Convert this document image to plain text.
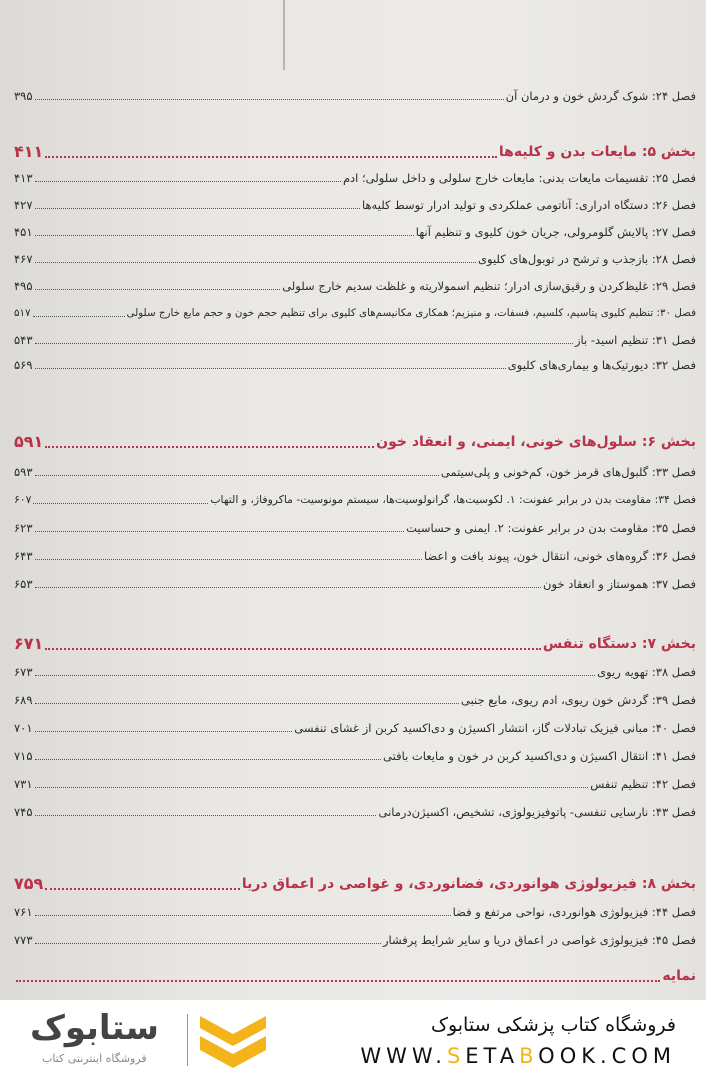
فصل ۲۴: شوک گردش خون و درمان آن
۳۹۵
بخش ۵: مایعات بدن و کلیه‌ها
۴۱۱
فصل ۲۵: تقسیمات مایعات بدنی: مایعات خارج سلولی و داخل سلولی؛ ادم
۴۱۳
فصل ۲۶: دستگاه ادراری: آناتومی عملکردی و تولید ادرار توسط کلیه‌ها
۴۲۷
فصل ۲۷: پالایش گلومرولی، جریان خون کلیوی و تنظیم آنها
۴۵۱
فصل ۲۸: بازجذب و ترشح در توبول‌های کلیوی
۴۶۷
فصل ۲۹: غلیظ‌کردن و رقیق‌سازی ادرار؛ تنظیم اسمولاریته و غلظت سدیم خارج سلولی
۴۹۵
فصل ۳۰: تنظیم کلیوی پتاسیم، کلسیم، فسفات، و منیزیم؛ همکاری مکانیسم‌های کلیوی برای تنظیم حجم خون و حجم مایع خارج سلولی
۵۱۷
فصل ۳۱: تنظیم اسید- باز
۵۴۳
فصل ۳۲: دیورتیک‌ها و بیماری‌های کلیوی
۵۶۹
بخش ۶: سلول‌های خونی، ایمنی، و انعقاد خون
۵۹۱
فصل ۳۳: گلبول‌های قرمز خون، کم‌خونی و پلی‌سیتمی
۵۹۳
فصل ۳۴: مقاومت بدن در برابر عفونت: ۱. لکوسیت‌ها، گرانولوسیت‌ها، سیستم مونوسیت- ماکروفاژ، و التهاب
۶۰۷
فصل ۳۵: مقاومت بدن در برابر عفونت: ۲. ایمنی و حساسیت
۶۲۳
فصل ۳۶: گروه‌های خونی، انتقال خون، پیوند بافت و اعضا
۶۴۳
فصل ۳۷: هموستاز و انعقاد خون
۶۵۳
بخش ۷: دستگاه تنفس
۶۷۱
فصل ۳۸: تهویه ریوی
۶۷۳
فصل ۳۹: گردش خون ریوی، ادم ریوی، مایع جنبی
۶۸۹
فصل ۴۰: مبانی فیزیک تبادلات گاز، انتشار اکسیژن و دی‌اکسید کربن از غشای تنفسی
۷۰۱
فصل ۴۱: انتقال اکسیژن و دی‌اکسید کربن در خون و مایعات بافتی
۷۱۵
فصل ۴۲: تنظیم تنفس
۷۳۱
فصل ۴۳: نارسایی تنفسی- پاتوفیزیولوژی، تشخیص، اکسیژن‌درمانی
۷۴۵
بخش ۸: فیزیولوژی هوانوردی، فضانوردی، و غواصی در اعماق دریا
۷۵۹
فصل ۴۴: فیزیولوژی هوانوردی، نواحی مرتفع و فضا
۷۶۱
فصل ۴۵: فیزیولوژی غواصی در اعماق دریا و سایر شرایط پرفشار
۷۷۳
نمایه
ستابوک
فروشگاه اینترنتی کتاب
فروشگاه کتاب پزشکی ستابوک
WWW.SETABOOK.COM
